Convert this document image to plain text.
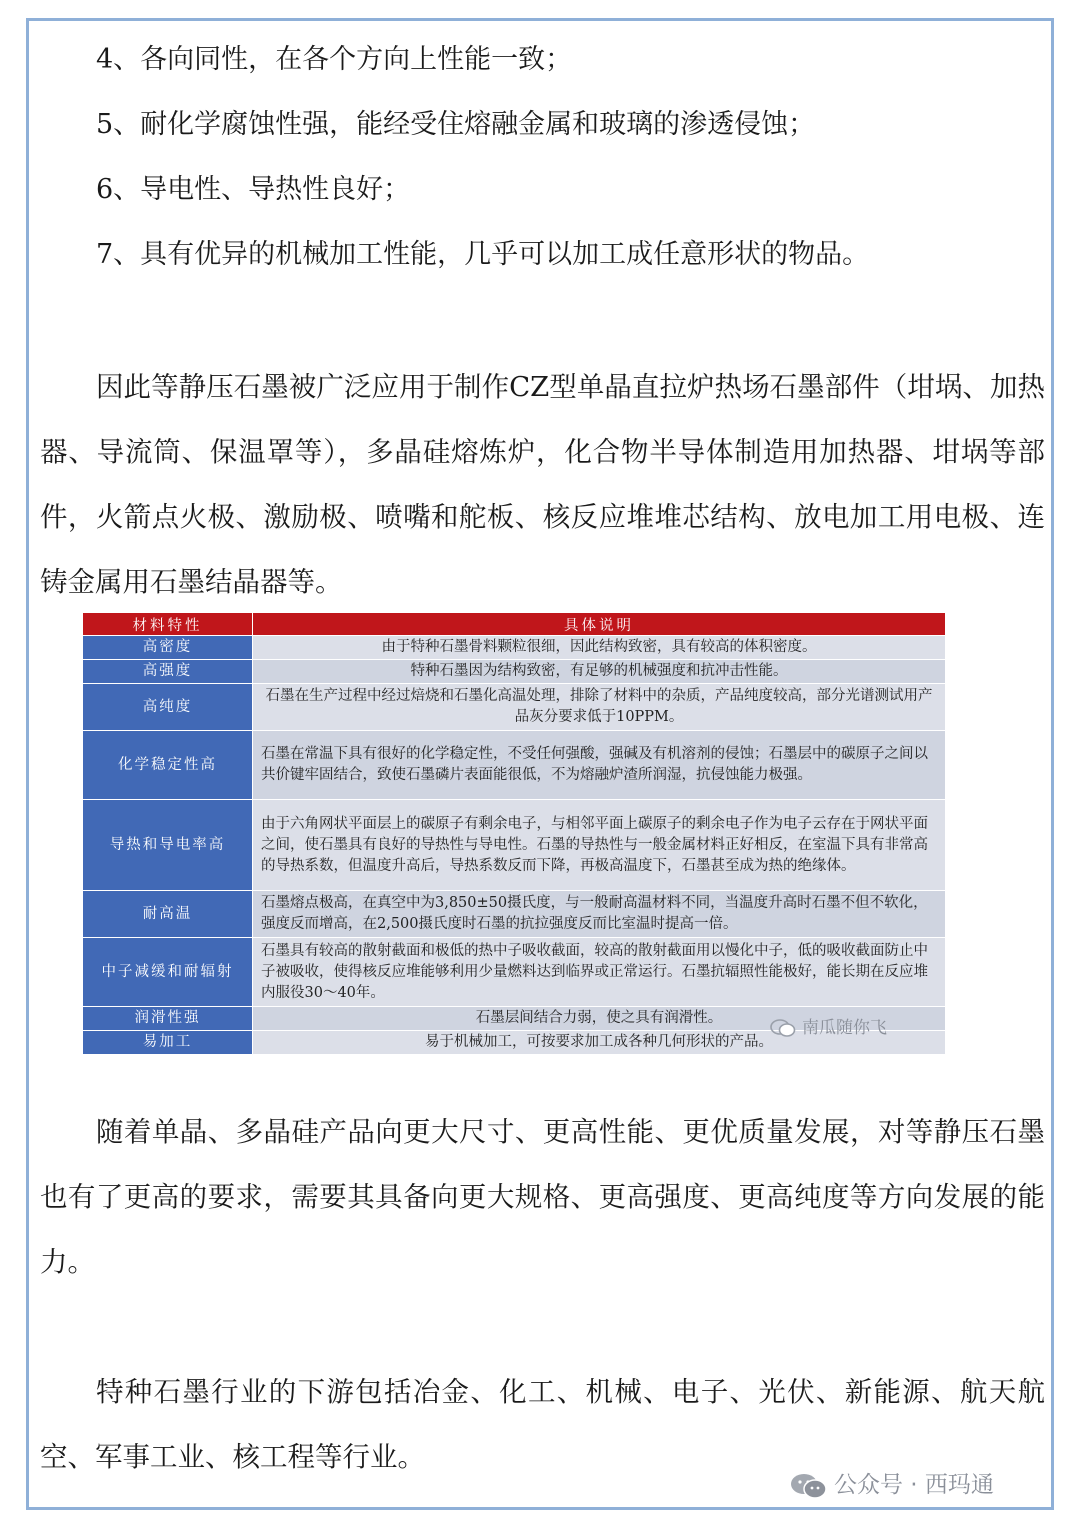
4、各向同性，在各个方向上性能一致；
5、耐化学腐蚀性强，能经受住熔融金属和玻璃的渗透侵蚀；
6、导电性、导热性良好；
7、具有优异的机械加工性能，几乎可以加工成任意形状的物品。

因此等静压石墨被广泛应用于制作CZ型单晶直拉炉热场石墨部件（坩埚、加热器、导流筒、保温罩等），多晶硅熔炼炉，化合物半导体制造用加热器、坩埚等部件，火箭点火极、激励极、喷嘴和舵板、核反应堆堆芯结构、放电加工用电极、连铸金属用石墨结晶器等。

材料特性	具体说明
高密度	由于特种石墨骨料颗粒很细，因此结构致密，具有较高的体积密度。
高强度	特种石墨因为结构致密，有足够的机械强度和抗冲击性能。
高纯度	石墨在生产过程中经过焙烧和石墨化高温处理，排除了材料中的杂质，产品纯度较高，部分光谱测试用产品灰分要求低于10PPM。
化学稳定性高	石墨在常温下具有很好的化学稳定性，不受任何强酸，强碱及有机溶剂的侵蚀；石墨层中的碳原子之间以共价键牢固结合，致使石墨磷片表面能很低，不为熔融炉渣所润湿，抗侵蚀能力极强。
导热和导电率高	由于六角网状平面层上的碳原子有剩余电子，与相邻平面上碳原子的剩余电子作为电子云存在于网状平面之间，使石墨具有良好的导热性与导电性。石墨的导热性与一般金属材料正好相反，在室温下具有非常高的导热系数，但温度升高后，导热系数反而下降，再极高温度下，石墨甚至成为热的绝缘体。
耐高温	石墨熔点极高，在真空中为3,850±50摄氏度，与一般耐高温材料不同，当温度升高时石墨不但不软化，强度反而增高，在2,500摄氏度时石墨的抗拉强度反而比室温时提高一倍。
中子减缓和耐辐射	石墨具有较高的散射截面和极低的热中子吸收截面，较高的散射截面用以慢化中子，低的吸收截面防止中子被吸收，使得核反应堆能够利用少量燃料达到临界或正常运行。石墨抗辐照性能极好，能长期在反应堆内服役30～40年。
润滑性强	石墨层间结合力弱，使之具有润滑性。
易加工	易于机械加工，可按要求加工成各种几何形状的产品。
南瓜随你飞

随着单晶、多晶硅产品向更大尺寸、更高性能、更优质量发展，对等静压石墨也有了更高的要求，需要其具备向更大规格、更高强度、更高纯度等方向发展的能力。

特种石墨行业的下游包括冶金、化工、机械、电子、光伏、新能源、航天航空、军事工业、核工程等行业。

公众号 · 西玛通
